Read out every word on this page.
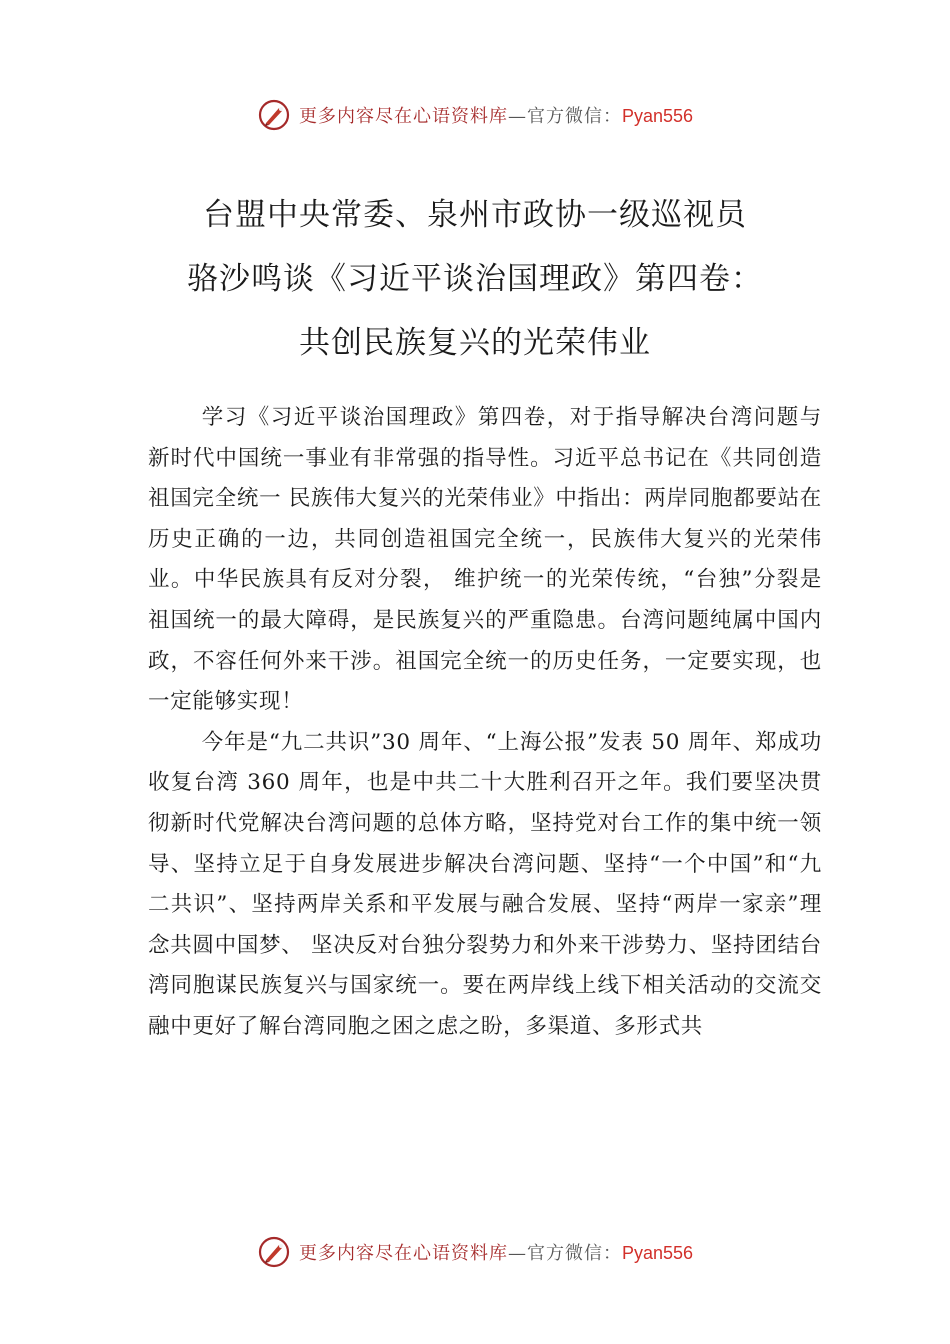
更多内容尽在心语资料库—官方微信：Pyan556
台盟中央常委、泉州市政协一级巡视员
骆沙鸣谈《习近平谈治国理政》第四卷：
共创民族复兴的光荣伟业

学习《习近平谈治国理政》第四卷，对于指导解决台湾问题与新时代中国统一事业有非常强的指导性。习近平总书记在《共同创造祖国完全统一 民族伟大复兴的光荣伟业》中指出：两岸同胞都要站在历史正确的一边，共同创造祖国完全统一，民族伟大复兴的光荣伟业。中华民族具有反对分裂， 维护统一的光荣传统，“台独”分裂是祖国统一的最大障碍，是民族复兴的严重隐患。台湾问题纯属中国内政，不容任何外来干涉。祖国完全统一的历史任务，一定要实现，也一定能够实现！

今年是“九二共识”30 周年、“上海公报”发表 50 周年、郑成功收复台湾 360 周年，也是中共二十大胜利召开之年。我们要坚决贯彻新时代党解决台湾问题的总体方略，坚持党对台工作的集中统一领导、坚持立足于自身发展进步解决台湾问题、坚持“一个中国”和“九二共识”、坚持两岸关系和平发展与融合发展、坚持“两岸一家亲”理念共圆中国梦、 坚决反对台独分裂势力和外来干涉势力、坚持团结台湾同胞谋民族复兴与国家统一。要在两岸线上线下相关活动的交流交融中更好了解台湾同胞之困之虑之盼，多渠道、多形式共

更多内容尽在心语资料库—官方微信：Pyan556
